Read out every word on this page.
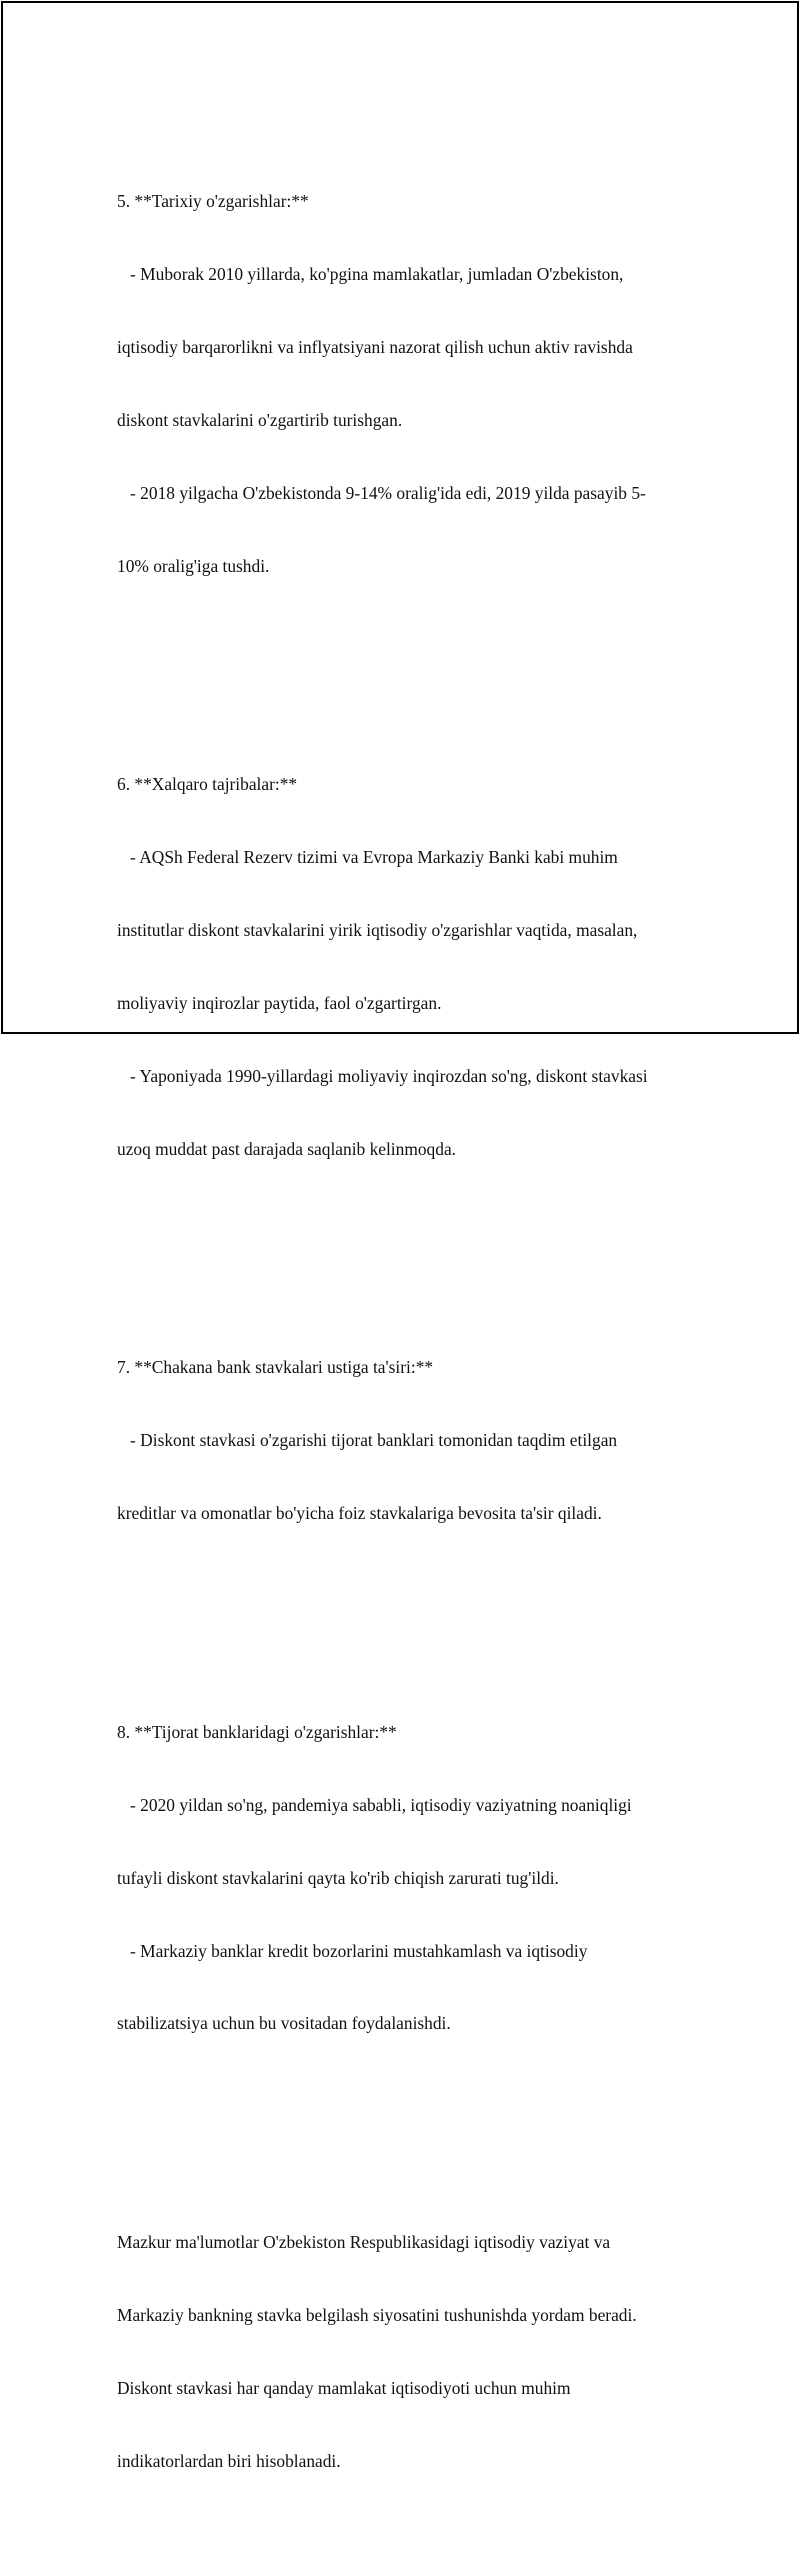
5. **Tarixiy o'zgarishlar:**

- Muborak 2010 yillarda, ko'pgina mamlakatlar, jumladan O'zbekiston,

iqtisodiy barqarorlikni va inflyatsiyani nazorat qilish uchun aktiv ravishda

diskont stavkalarini o'zgartirib turishgan.

- 2018 yilgacha O'zbekistonda 9-14% oralig'ida edi, 2019 yilda pasayib 5-

10% oralig'iga tushdi.

6. **Xalqaro tajribalar:**

- AQSh Federal Rezerv tizimi va Evropa Markaziy Banki kabi muhim

institutlar diskont stavkalarini yirik iqtisodiy o'zgarishlar vaqtida, masalan,

moliyaviy inqirozlar paytida, faol o'zgartirgan.

- Yaponiyada 1990-yillardagi moliyaviy inqirozdan so'ng, diskont stavkasi

uzoq muddat past darajada saqlanib kelinmoqda.

7. **Chakana bank stavkalari ustiga ta'siri:**

- Diskont stavkasi o'zgarishi tijorat banklari tomonidan taqdim etilgan

kreditlar va omonatlar bo'yicha foiz stavkalariga bevosita ta'sir qiladi.

8. **Tijorat banklaridagi o'zgarishlar:**

- 2020 yildan so'ng, pandemiya sababli, iqtisodiy vaziyatning noaniqligi

tufayli diskont stavkalarini qayta ko'rib chiqish zarurati tug'ildi.

- Markaziy banklar kredit bozorlarini mustahkamlash va iqtisodiy

stabilizatsiya uchun bu vositadan foydalanishdi.

Mazkur ma'lumotlar O'zbekiston Respublikasidagi iqtisodiy vaziyat va

Markaziy bankning stavka belgilash siyosatini tushunishda yordam beradi.

Diskont stavkasi har qanday mamlakat iqtisodiyoti uchun muhim

indikatorlardan biri hisoblanadi.
